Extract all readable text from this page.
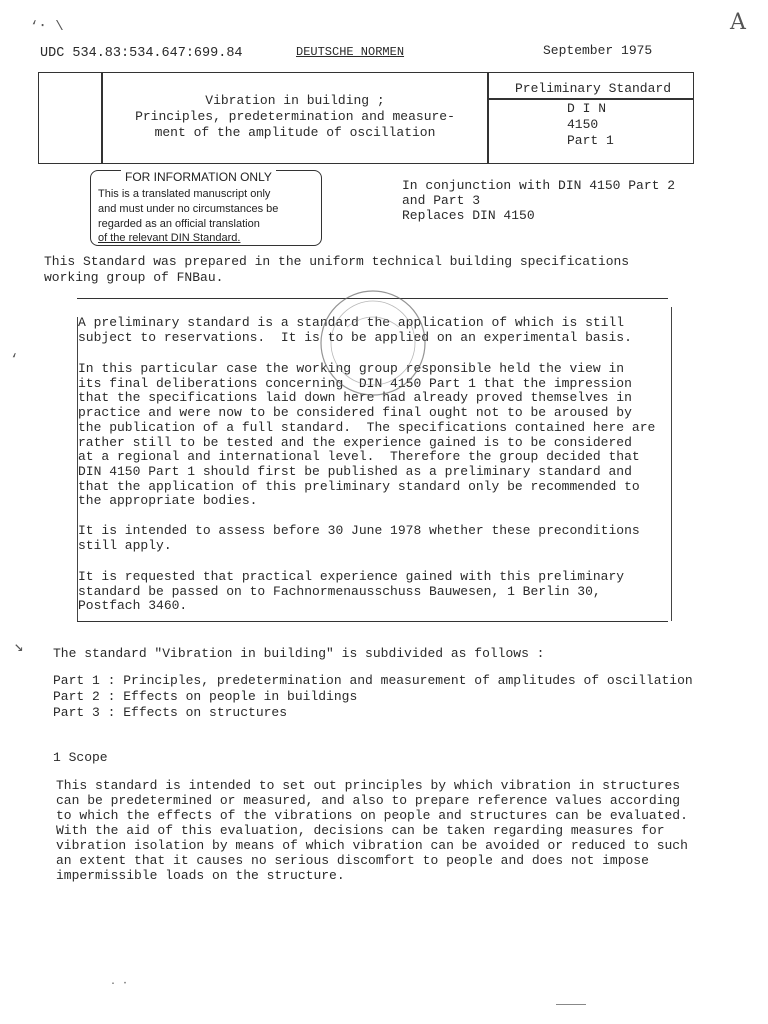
‘⋅ \	A
UDC 534.83:534.647:699.84	DEUTSCHE NORMEN	September 1975
Vibration in building ;
Principles, predetermination and measure-
ment of the amplitude of oscillation
Preliminary Standard
D I N
4150
Part 1
FOR INFORMATION ONLY
This is a translated manuscript only
and must under no circumstances be
regarded as an official translation
of the relevant DIN Standard.
In conjunction with DIN 4150 Part 2
and Part 3
Replaces DIN 4150
This Standard was prepared in the uniform technical building specifications
working group of FNBau.
A preliminary standard is a standard the application of which is still
subject to reservations.  It is to be applied on an experimental basis.
In this particular case the working group responsible held the view in
its final deliberations concerning  DIN 4150 Part 1 that the impression
that the specifications laid down here had already proved themselves in
practice and were now to be considered final ought not to be aroused by
the publication of a full standard.  The specifications contained here are
rather still to be tested and the experience gained is to be considered
at a regional and international level.  Therefore the group decided that
DIN 4150 Part 1 should first be published as a preliminary standard and
that the application of this preliminary standard only be recommended to
the appropriate bodies.
It is intended to assess before 30 June 1978 whether these preconditions
still apply.
It is requested that practical experience gained with this preliminary
standard be passed on to Fachnormenausschuss Bauwesen, 1 Berlin 30,
Postfach 3460.
‘
↘ The standard "Vibration in building" is subdivided as follows :
Part 1 : Principles, predetermination and measurement of amplitudes of oscillation
Part 2 : Effects on people in buildings
Part 3 : Effects on structures
1 Scope
This standard is intended to set out principles by which vibration in structures
can be predetermined or measured, and also to prepare reference values according
to which the effects of the vibrations on people and structures can be evaluated.
With the aid of this evaluation, decisions can be taken regarding measures for
vibration isolation by means of which vibration can be avoided or reduced to such
an extent that it causes no serious discomfort to people and does not impose
impermissible loads on the structure.
· ⋅
